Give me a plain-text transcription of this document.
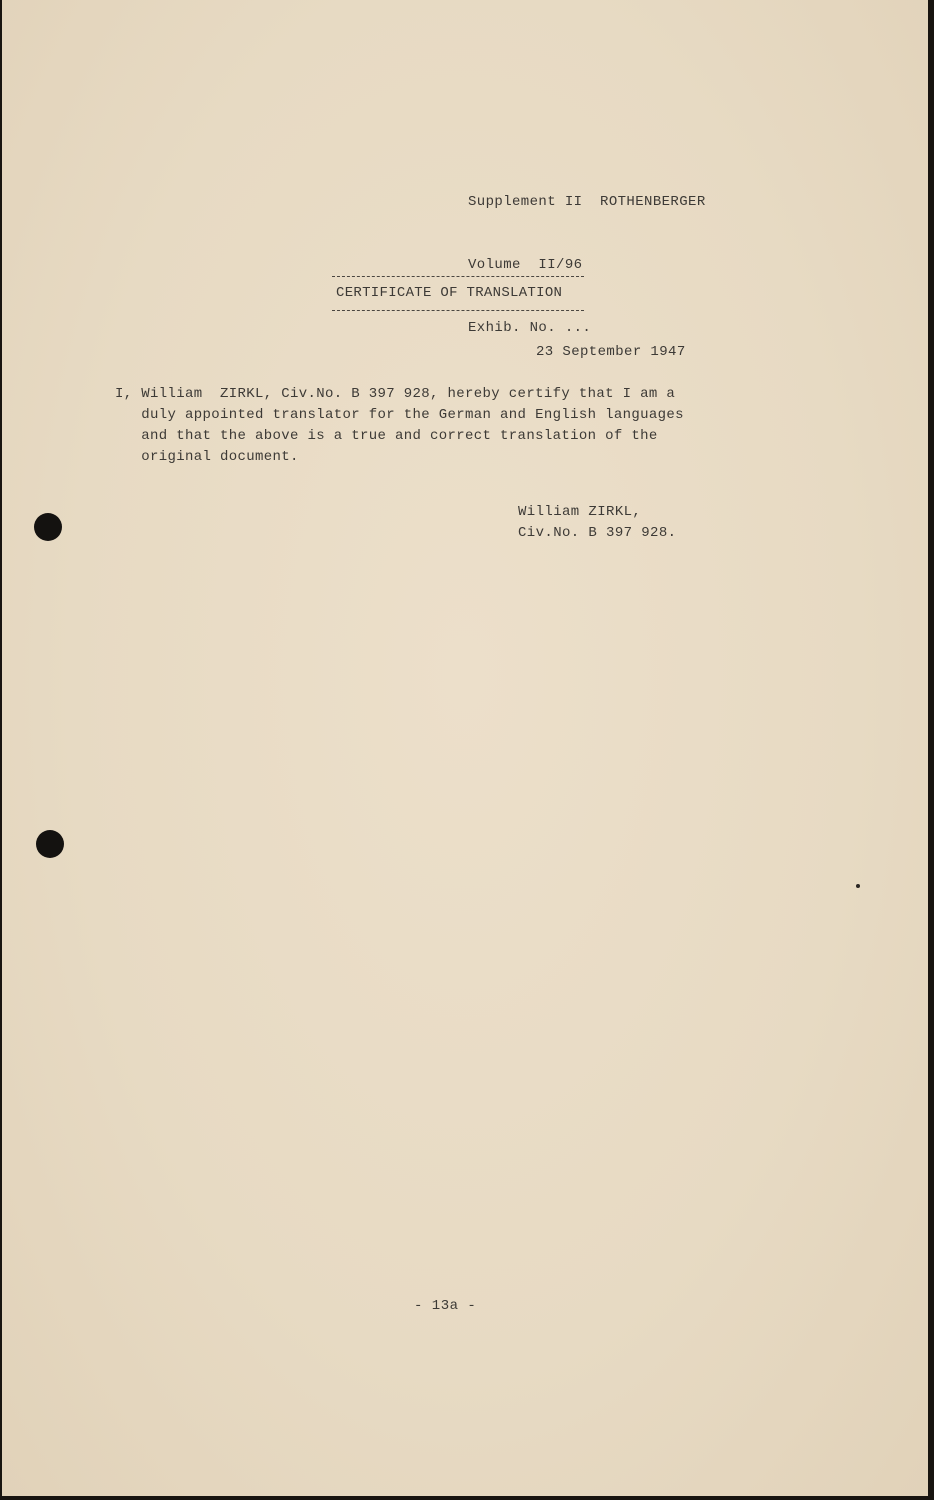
Supplement II  ROTHENBERGER

Volume  II/96

Exhib. No. ...

CERTIFICATE OF TRANSLATION
23 September 1947
I, William  ZIRKL, Civ.No. B 397 928, hereby certify that I am a
duly appointed translator for the German and English languages
and that the above is a true and correct translation of the
original document.
William ZIRKL,
Civ.No. B 397 928.
- 13a -
